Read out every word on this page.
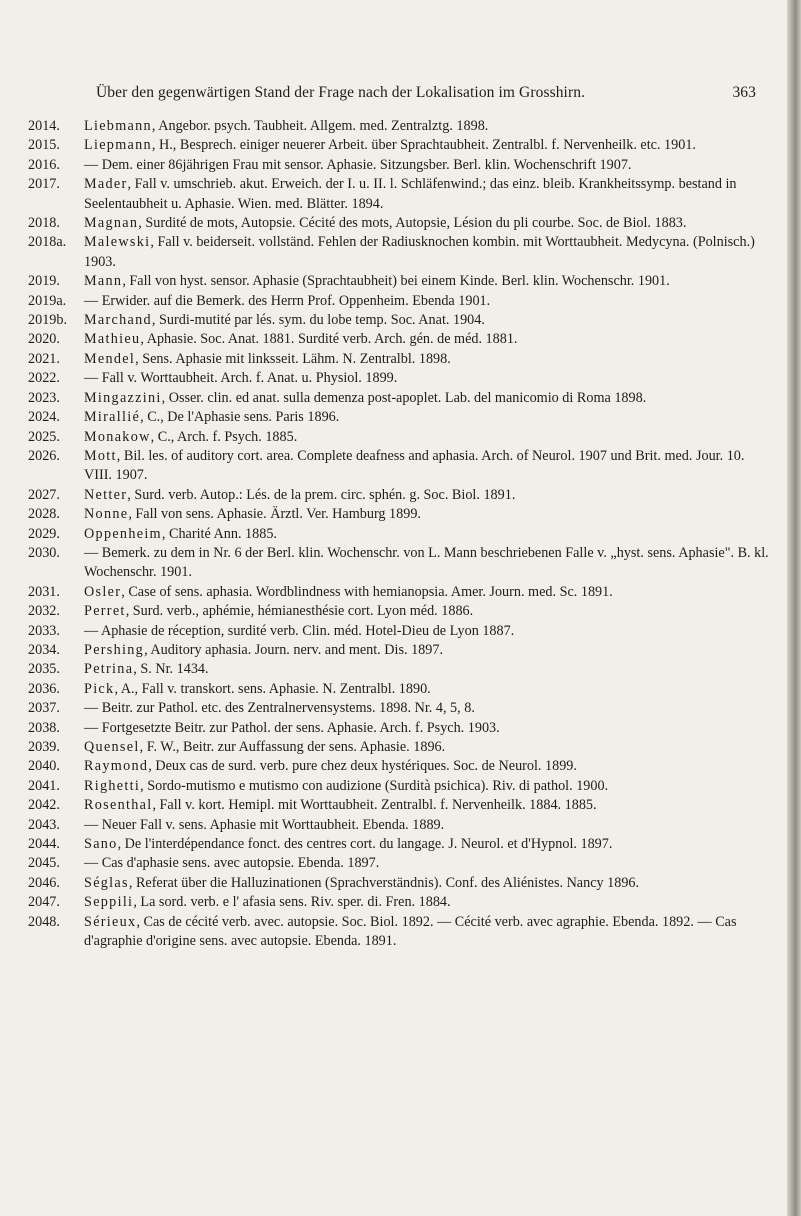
Über den gegenwärtigen Stand der Frage nach der Lokalisation im Grosshirn.	363
2014.	Liebmann, Angebor. psych. Taubheit. Allgem. med. Zentralztg. 1898.
2015.	Liepmann, H., Besprech. einiger neuerer Arbeit. über Sprachtaubheit. Zentralbl. f. Nervenheilk. etc. 1901.
2016.	— Dem. einer 86jährigen Frau mit sensor. Aphasie. Sitzungsber. Berl. klin. Wochenschrift 1907.
2017.	Mader, Fall v. umschrieb. akut. Erweich. der I. u. II. l. Schläfenwind.; das einz. bleib. Krankheitssymp. bestand in Seelentaubheit u. Aphasie. Wien. med. Blätter. 1894.
2018.	Magnan, Surdité de mots, Autopsie. Cécité des mots, Autopsie, Lésion du pli courbe. Soc. de Biol. 1883.
2018a.	Malewski, Fall v. beiderseit. vollständ. Fehlen der Radiusknochen kombin. mit Worttaubheit. Medycyna. (Polnisch.) 1903.
2019.	Mann, Fall von hyst. sensor. Aphasie (Sprachtaubheit) bei einem Kinde. Berl. klin. Wochenschr. 1901.
2019a.	— Erwider. auf die Bemerk. des Herrn Prof. Oppenheim. Ebenda 1901.
2019b.	Marchand, Surdi-mutité par lés. sym. du lobe temp. Soc. Anat. 1904.
2020.	Mathieu, Aphasie. Soc. Anat. 1881. Surdité verb. Arch. gén. de méd. 1881.
2021.	Mendel, Sens. Aphasie mit linksseit. Lähm. N. Zentralbl. 1898.
2022.	— Fall v. Worttaubheit. Arch. f. Anat. u. Physiol. 1899.
2023.	Mingazzini, Osser. clin. ed anat. sulla demenza post-apoplet. Lab. del manicomio di Roma 1898.
2024.	Mirallié, C., De l'Aphasie sens. Paris 1896.
2025.	Monakow, C., Arch. f. Psych. 1885.
2026.	Mott, Bil. les. of auditory cort. area. Complete deafness and aphasia. Arch. of Neurol. 1907 und Brit. med. Jour. 10. VIII. 1907.
2027.	Netter, Surd. verb. Autop.: Lés. de la prem. circ. sphén. g. Soc. Biol. 1891.
2028.	Nonne, Fall von sens. Aphasie. Ärztl. Ver. Hamburg 1899.
2029.	Oppenheim, Charité Ann. 1885.
2030.	— Bemerk. zu dem in Nr. 6 der Berl. klin. Wochenschr. von L. Mann beschriebenen Falle v. „hyst. sens. Aphasie". B. kl. Wochenschr. 1901.
2031.	Osler, Case of sens. aphasia. Wordblindness with hemianopsia. Amer. Journ. med. Sc. 1891.
2032.	Perret, Surd. verb., aphémie, hémianesthésie cort. Lyon méd. 1886.
2033.	— Aphasie de réception, surdité verb. Clin. méd. Hotel-Dieu de Lyon 1887.
2034.	Pershing, Auditory aphasia. Journ. nerv. and ment. Dis. 1897.
2035.	Petrina, S. Nr. 1434.
2036.	Pick, A., Fall v. transkort. sens. Aphasie. N. Zentralbl. 1890.
2037.	— Beitr. zur Pathol. etc. des Zentralnervensystems. 1898. Nr. 4, 5, 8.
2038.	— Fortgesetzte Beitr. zur Pathol. der sens. Aphasie. Arch. f. Psych. 1903.
2039.	Quensel, F. W., Beitr. zur Auffassung der sens. Aphasie. 1896.
2040.	Raymond, Deux cas de surd. verb. pure chez deux hystériques. Soc. de Neurol. 1899.
2041.	Righetti, Sordo-mutismo e mutismo con audizione (Surdità psichica). Riv. di pathol. 1900.
2042.	Rosenthal, Fall v. kort. Hemipl. mit Worttaubheit. Zentralbl. f. Nervenheilk. 1884. 1885.
2043.	— Neuer Fall v. sens. Aphasie mit Worttaubheit. Ebenda. 1889.
2044.	Sano, De l'interdépendance fonct. des centres cort. du langage. J. Neurol. et d'Hypnol. 1897.
2045.	— Cas d'aphasie sens. avec autopsie. Ebenda. 1897.
2046.	Séglas, Referat über die Halluzinationen (Sprachverständnis). Conf. des Aliénistes. Nancy 1896.
2047.	Seppili, La sord. verb. e l' afasia sens. Riv. sper. di. Fren. 1884.
2048.	Sérieux, Cas de cécité verb. avec. autopsie. Soc. Biol. 1892. — Cécité verb. avec agraphie. Ebenda. 1892. — Cas d'agraphie d'origine sens. avec autopsie. Ebenda. 1891.
